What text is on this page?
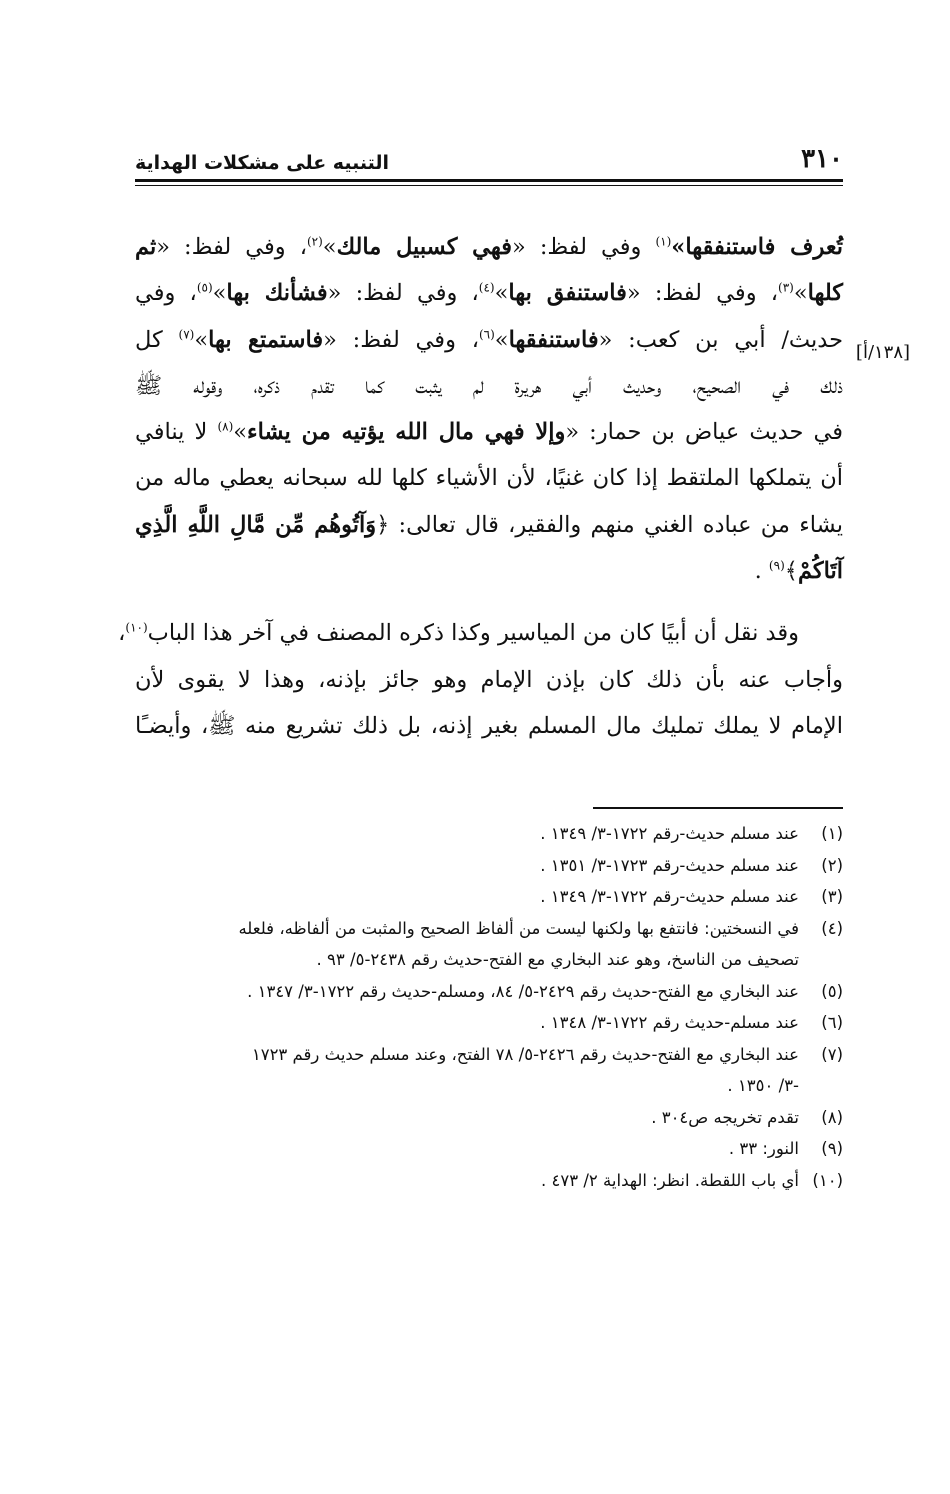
٣١٠
التنبيه على مشكلات الهداية
[١٣٨/أ]
تُعرف فاستنفقها»$^{(١)}$ وفي لفظ: «فهي كسبيل مالك»$^{(٢)}$، وفي لفظ: «ثم
كلها»$^{(٣)}$، وفي لفظ: «فاستنفق بها»$^{(٤)}$، وفي لفظ: «فشأنك بها»$^{(٥)}$، وفي
حديث/ أبي بن كعب: «فاستنفقها»$^{(٦)}$، وفي لفظ: «فاستمتع بها»$^{(٧)}$ كل
ذلك في الصحيح، وحديث أبي هريرة لم يثبت كما تقدم ذكره، وقوله ﷺ
في حديث عياض بن حمار: «وإلا فهي مال الله يؤتيه من يشاء»$^{(٨)}$ لا ينافي
أن يتملكها الملتقط إذا كان غنيًا، لأن الأشياء كلها لله سبحانه يعطي ماله من
يشاء من عباده الغني منهم والفقير، قال تعالى: ﴿وَآتُوهُم مِّن مَّالِ اللَّهِ الَّذِي
آتَاكُمْ﴾$^{(٩)}$ .
وقد نقل أن أبيًا كان من المياسير وكذا ذكره المصنف في آخر هذا الباب$^{(١٠)}$،
وأجاب عنه بأن ذلك كان بإذن الإمام وهو جائز بإذنه، وهذا لا يقوى لأن
الإمام لا يملك تمليك مال المسلم بغير إذنه، بل ذلك تشريع منه ﷺ، وأيضـًا
(١)
عند مسلم حديث-رقم ١٧٢٢-٣/ ١٣٤٩ .
(٢)
عند مسلم حديث-رقم ١٧٢٣-٣/ ١٣٥١ .
(٣)
عند مسلم حديث-رقم ١٧٢٢-٣/ ١٣٤٩ .
(٤)
في النسختين: فانتفع بها ولكنها ليست من ألفاظ الصحيح والمثبت من ألفاظه، فلعله
تصحيف من الناسخ، وهو عند البخاري مع الفتح-حديث رقم ٢٤٣٨-٥/ ٩٣ .
(٥)
عند البخاري مع الفتح-حديث رقم ٢٤٢٩-٥/ ٨٤، ومسلم-حديث رقم ١٧٢٢-٣/ ١٣٤٧ .
(٦)
عند مسلم-حديث رقم ١٧٢٢-٣/ ١٣٤٨ .
(٧)
عند البخاري مع الفتح-حديث رقم ٢٤٢٦-٥/ ٧٨ الفتح، وعند مسلم حديث رقم ١٧٢٣
-٣/ ١٣٥٠ .
(٨)
تقدم تخريجه ص٣٠٤ .
(٩)
النور: ٣٣ .
(١٠)
أي باب اللقطة. انظر: الهداية ٢/ ٤٧٣ .
